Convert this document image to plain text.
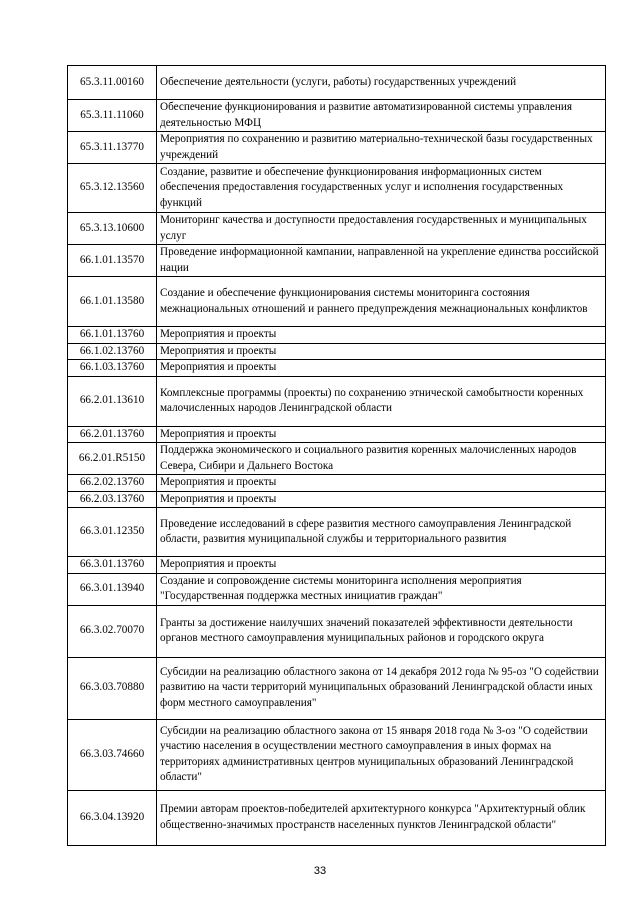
65.3.11.00160	Обеспечение деятельности (услуги, работы) государственных учреждений
65.3.11.11060	Обеспечение функционирования и развитие автоматизированной системы управления деятельностью МФЦ
65.3.11.13770	Мероприятия по сохранению и развитию материально-технической базы государственных учреждений
65.3.12.13560	Создание, развитие и обеспечение функционирования информационных систем обеспечения предоставления государственных услуг и исполнения государственных функций
65.3.13.10600	Мониторинг качества и доступности предоставления государственных и муниципальных услуг
66.1.01.13570	Проведение информационной кампании, направленной на укрепление единства российской нации
66.1.01.13580	Создание и обеспечение функционирования системы мониторинга состояния межнациональных отношений и раннего предупреждения межнациональных конфликтов
66.1.01.13760	Мероприятия и проекты
66.1.02.13760	Мероприятия и проекты
66.1.03.13760	Мероприятия и проекты
66.2.01.13610	Комплексные программы (проекты) по сохранению этнической самобытности коренных малочисленных народов Ленинградской области
66.2.01.13760	Мероприятия и проекты
66.2.01.R5150	Поддержка экономического и социального развития коренных малочисленных народов Севера, Сибири и Дальнего Востока
66.2.02.13760	Мероприятия и проекты
66.2.03.13760	Мероприятия и проекты
66.3.01.12350	Проведение исследований в сфере развития местного самоуправления Ленинградской области, развития муниципальной службы и территориального развития
66.3.01.13760	Мероприятия и проекты
66.3.01.13940	Создание и сопровождение системы мониторинга исполнения мероприятия "Государственная поддержка местных инициатив граждан"
66.3.02.70070	Гранты за достижение наилучших значений показателей эффективности деятельности органов местного самоуправления муниципальных районов и городского округа
66.3.03.70880	Субсидии на реализацию областного закона от 14 декабря 2012 года № 95-оз "О содействии развитию на части территорий муниципальных образований Ленинградской области иных форм местного самоуправления"
66.3.03.74660	Субсидии на реализацию областного закона от 15 января 2018 года № 3-оз "О содействии участию населения в осуществлении местного самоуправления в иных формах на территориях административных центров муниципальных образований Ленинградской области"
66.3.04.13920	Премии авторам проектов-победителей архитектурного конкурса "Архитектурный облик общественно-значимых пространств населенных пунктов Ленинградской области"
33
